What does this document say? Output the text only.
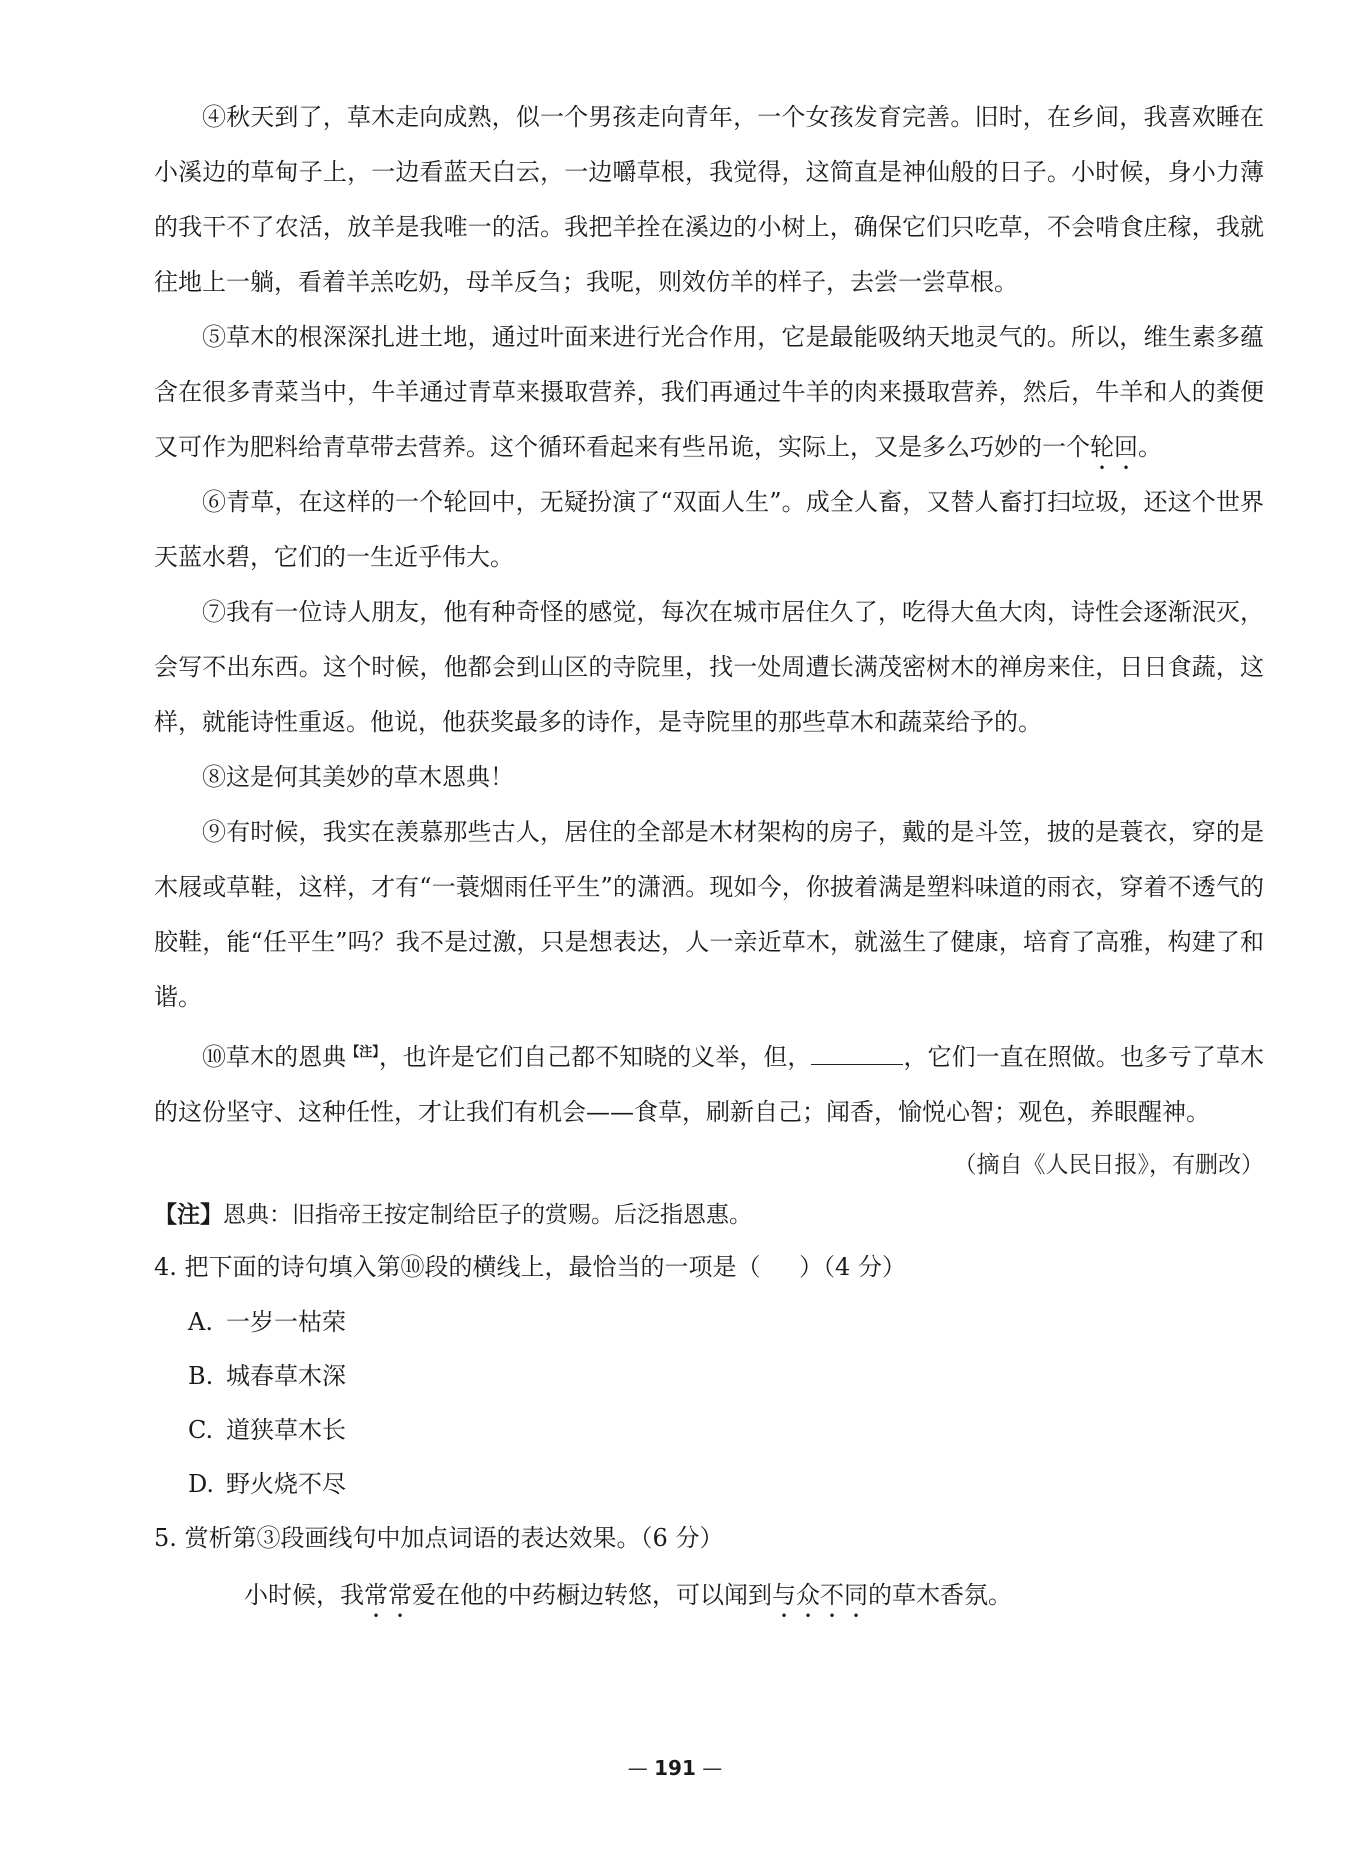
④秋天到了，草木走向成熟，似一个男孩走向青年，一个女孩发育完善。旧时，在乡间，我喜欢睡在小溪边的草甸子上，一边看蓝天白云，一边嚼草根，我觉得，这简直是神仙般的日子。小时候，身小力薄的我干不了农活，放羊是我唯一的活。我把羊拴在溪边的小树上，确保它们只吃草，不会啃食庄稼，我就往地上一躺，看着羊羔吃奶，母羊反刍；我呢，则效仿羊的样子，去尝一尝草根。

⑤草木的根深深扎进土地，通过叶面来进行光合作用，它是最能吸纳天地灵气的。所以，维生素多蕴含在很多青菜当中，牛羊通过青草来摄取营养，我们再通过牛羊的肉来摄取营养，然后，牛羊和人的粪便又可作为肥料给青草带去营养。这个循环看起来有些吊诡，实际上，又是多么巧妙的一个轮回。

⑥青草，在这样的一个轮回中，无疑扮演了“双面人生”。成全人畜，又替人畜打扫垃圾，还这个世界天蓝水碧，它们的一生近乎伟大。

⑦我有一位诗人朋友，他有种奇怪的感觉，每次在城市居住久了，吃得大鱼大肉，诗性会逐渐泯灭，会写不出东西。这个时候，他都会到山区的寺院里，找一处周遭长满茂密树木的禅房来住，日日食蔬，这样，就能诗性重返。他说，他获奖最多的诗作，是寺院里的那些草木和蔬菜给予的。

⑧这是何其美妙的草木恩典！

⑨有时候，我实在羡慕那些古人，居住的全部是木材架构的房子，戴的是斗笠，披的是蓑衣，穿的是木屐或草鞋，这样，才有“一蓑烟雨任平生”的潇洒。现如今，你披着满是塑料味道的雨衣，穿着不透气的胶鞋，能“任平生”吗？我不是过激，只是想表达，人一亲近草木，就滋生了健康，培育了高雅，构建了和谐。

⑩草木的恩典$^{【注】}$，也许是它们自己都不知晓的义举，但，	，它们一直在照做。也多亏了草木的这份坚守、这种任性，才让我们有机会——食草，刷新自己；闻香，愉悦心智；观色，养眼醒神。

（摘自《人民日报》，有删改）

【注】恩典：旧指帝王按定制给臣子的赏赐。后泛指恩惠。

4. 把下面的诗句填入第⑩段的横线上，最恰当的一项是（ ）（4 分）

A. 一岁一枯荣

B. 城春草木深

C. 道狭草木长

D. 野火烧不尽

5. 赏析第③段画线句中加点词语的表达效果。（6 分）

小时候，我常常爱在他的中药橱边转悠，可以闻到与众不同的草木香氛。

— 191 —
